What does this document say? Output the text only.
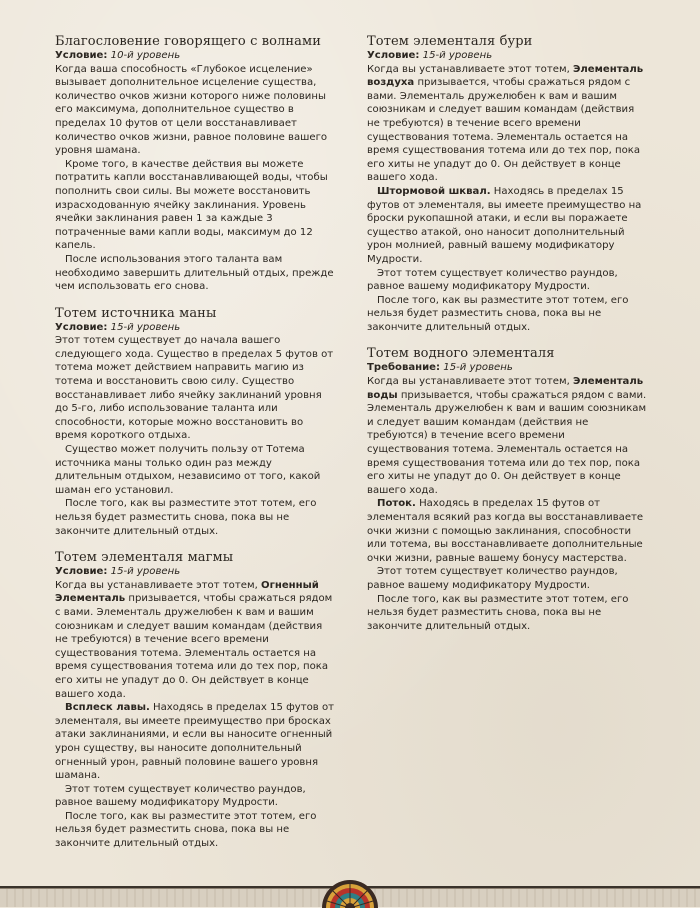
Благословение говорящего с волнами
Условие: 10-й уровень

Когда ваша способность «Глубокое исцеление» вызывает дополнительное исцеление существа, количество очков жизни которого ниже половины его максимума, дополнительное существо в пределах 10 футов от цели восстанавливает количество очков жизни, равное половине вашего уровня шамана.

Кроме того, в качестве действия вы можете потратить капли восстанавливающей воды, чтобы пополнить свои силы. Вы можете восстановить израсходованную ячейку заклинания. Уровень ячейки заклинания равен 1 за каждые 3 потраченные вами капли воды, максимум до 12 капель.

После использования этого таланта вам необходимо завершить длительный отдых, прежде чем использовать его снова.

Тотем источника маны
Условие: 15-й уровень

Этот тотем существует до начала вашего следующего хода. Существо в пределах 5 футов от тотема может действием направить магию из тотема и восстановить свою силу. Существо восстанавливает либо ячейку заклинаний уровня до 5-го, либо использование таланта или способности, которые можно восстановить во время короткого отдыха.

Существо может получить пользу от Тотема источника маны только один раз между длительным отдыхом, независимо от того, какой шаман его установил.

После того, как вы разместите этот тотем, его нельзя будет разместить снова, пока вы не закончите длительный отдых.

Тотем элементаля магмы
Условие: 15-й уровень

Когда вы устанавливаете этот тотем, Огненный Элементаль призывается, чтобы сражаться рядом с вами. Элементаль дружелюбен к вам и вашим союзникам и следует вашим командам (действия не требуются) в течение всего времени существования тотема. Элементаль остается на время существования тотема или до тех пор, пока его хиты не упадут до 0. Он действует в конце вашего хода.

Всплеск лавы. Находясь в пределах 15 футов от элементаля, вы имеете преимущество при бросках атаки заклинаниями, и если вы наносите огненный урон существу, вы наносите дополнительный огненный урон, равный половине вашего уровня шамана.

Этот тотем существует количество раундов, равное вашему модификатору Мудрости.

После того, как вы разместите этот тотем, его нельзя будет разместить снова, пока вы не закончите длительный отдых.

Тотем элементаля бури
Условие: 15-й уровень

Когда вы устанавливаете этот тотем, Элементаль воздуха призывается, чтобы сражаться рядом с вами. Элементаль дружелюбен к вам и вашим союзникам и следует вашим командам (действия не требуются) в течение всего времени существования тотема. Элементаль остается на время существования тотема или до тех пор, пока его хиты не упадут до 0. Он действует в конце вашего хода.

Штормовой шквал. Находясь в пределах 15 футов от элементаля, вы имеете преимущество на броски рукопашной атаки, и если вы поражаете существо атакой, оно наносит дополнительный урон молнией, равный вашему модификатору Мудрости.

Этот тотем существует количество раундов, равное вашему модификатору Мудрости.

После того, как вы разместите этот тотем, его нельзя будет разместить снова, пока вы не закончите длительный отдых.

Тотем водного элементаля
Требование: 15-й уровень

Когда вы устанавливаете этот тотем, Элементаль воды призывается, чтобы сражаться рядом с вами. Элементаль дружелюбен к вам и вашим союзникам и следует вашим командам (действия не требуются) в течение всего времени существования тотема. Элементаль остается на время существования тотема или до тех пор, пока его хиты не упадут до 0. Он действует в конце вашего хода.

Поток. Находясь в пределах 15 футов от элементаля всякий раз когда вы восстанавливаете очки жизни с помощью заклинания, способности или тотема, вы восстанавливаете дополнительные очки жизни, равные вашему бонусу мастерства.

Этот тотем существует количество раундов, равное вашему модификатору Мудрости.

После того, как вы разместите этот тотем, его нельзя будет разместить снова, пока вы не закончите длительный отдых.
